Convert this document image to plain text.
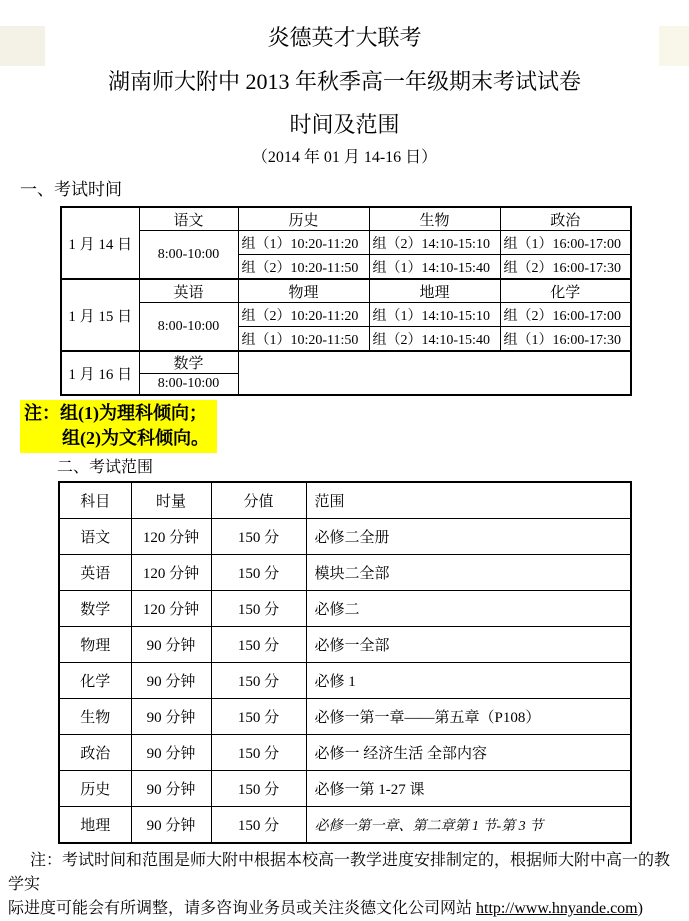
炎德英才大联考
湖南师大附中 2013 年秋季高一年级期末考试试卷
时间及范围
（2014 年 01 月 14-16 日）
一、考试时间
1 月 14 日	语文	历史	生物	政治
	8:00-10:00	组（1）10:20-11:20	组（2）14:10-15:10	组（1）16:00-17:00
		组（2）10:20-11:50	组（1）14:10-15:40	组（2）16:00-17:30
1 月 15 日	英语	物理	地理	化学
	8:00-10:00	组（2）10:20-11:20	组（1）14:10-15:10	组（2）16:00-17:00
		组（1）10:20-11:50	组（2）14:10-15:40	组（1）16:00-17:30
1 月 16 日	数学			
	8:00-10:00			
注：组(1)为理科倾向；
组(2)为文科倾向。
二、考试范围
科目	时量	分值	范围
语文	120 分钟	150 分	必修二全册
英语	120 分钟	150 分	模块二全部
数学	120 分钟	150 分	必修二
物理	90 分钟	150 分	必修一全部
化学	90 分钟	150 分	必修 1
生物	90 分钟	150 分	必修一第一章――第五章（P108）
政治	90 分钟	150 分	必修一 经济生活 全部内容
历史	90 分钟	150 分	必修一第 1-27 课
地理	90 分钟	150 分	必修一第一章、第二章第 1 节-第 3 节
注：考试时间和范围是师大附中根据本校高一教学进度安排制定的，根据师大附中高一的教学实
际进度可能会有所调整，请多咨询业务员或关注炎德文化公司网站 http://www.hnyande.com)
